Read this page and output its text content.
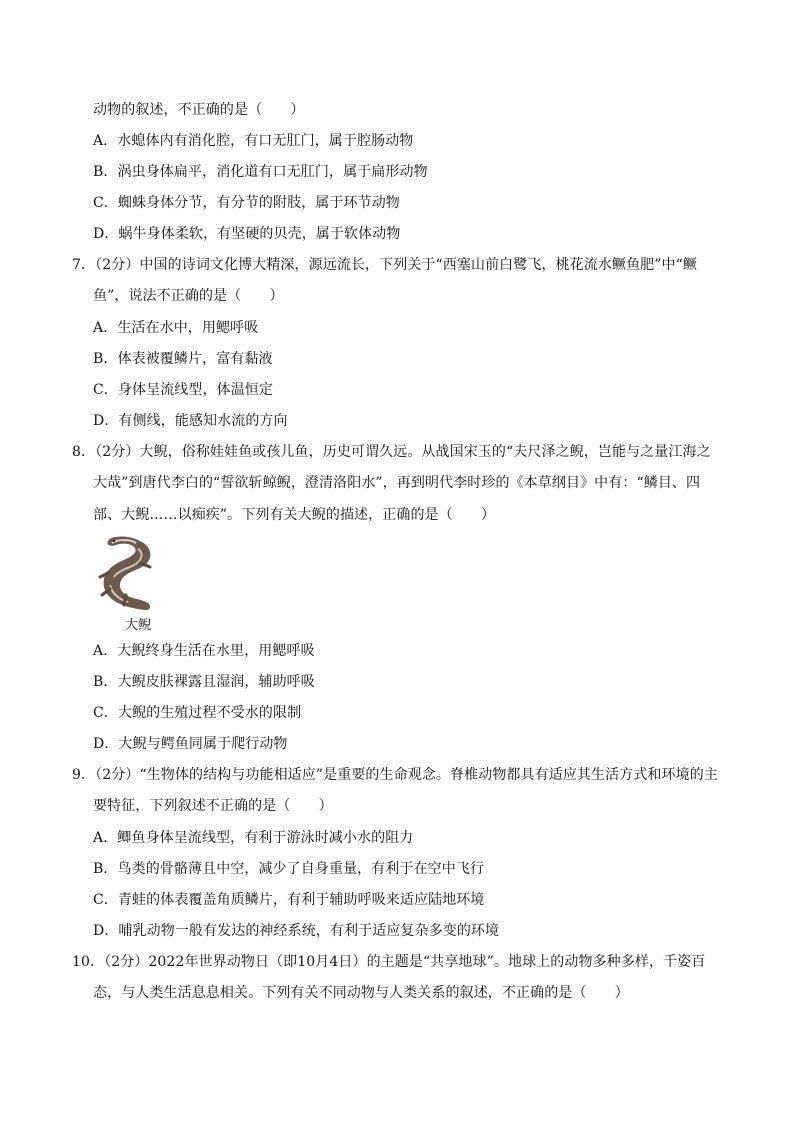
动物的叙述，不正确的是（　　）
A．水螅体内有消化腔，有口无肛门，属于腔肠动物
B．涡虫身体扁平，消化道有口无肛门，属于扁形动物
C．蜘蛛身体分节，有分节的附肢，属于环节动物
D．蜗牛身体柔软，有坚硬的贝壳，属于软体动物
7．（2分）中国的诗词文化博大精深，源远流长，下列关于“西塞山前白鹭飞，桃花流水鳜鱼肥”中“鳜
鱼”，说法不正确的是（　　）
A．生活在水中，用鳃呼吸
B．体表被覆鳞片，富有黏液
C．身体呈流线型，体温恒定
D．有侧线，能感知水流的方向
8．（2分）大鲵，俗称娃娃鱼或孩儿鱼，历史可谓久远。从战国宋玉的“夫尺泽之鲵，岂能与之量江海之
大哉”到唐代李白的“誓欲斩鲸鲵，澄清洛阳水”，再到明代李时珍的《本草纲目》中有：“鳞目、四
部、大鲵……以痴疾”。下列有关大鲵的描述，正确的是（　　）
大鲵
A．大鲵终身生活在水里，用鳃呼吸
B．大鲵皮肤裸露且湿润，辅助呼吸
C．大鲵的生殖过程不受水的限制
D．大鲵与鳄鱼同属于爬行动物
9．（2分）“生物体的结构与功能相适应”是重要的生命观念。脊椎动物都具有适应其生活方式和环境的主
要特征，下列叙述不正确的是（　　）
A．鲫鱼身体呈流线型，有利于游泳时减小水的阻力
B．鸟类的骨骼薄且中空，减少了自身重量，有利于在空中飞行
C．青蛙的体表覆盖角质鳞片，有利于辅助呼吸来适应陆地环境
D．哺乳动物一般有发达的神经系统，有利于适应复杂多变的环境
10．（2分）2022年世界动物日（即10月4日）的主题是“共享地球”。地球上的动物多种多样，千姿百
态，与人类生活息息相关。下列有关不同动物与人类关系的叙述，不正确的是（　　）
